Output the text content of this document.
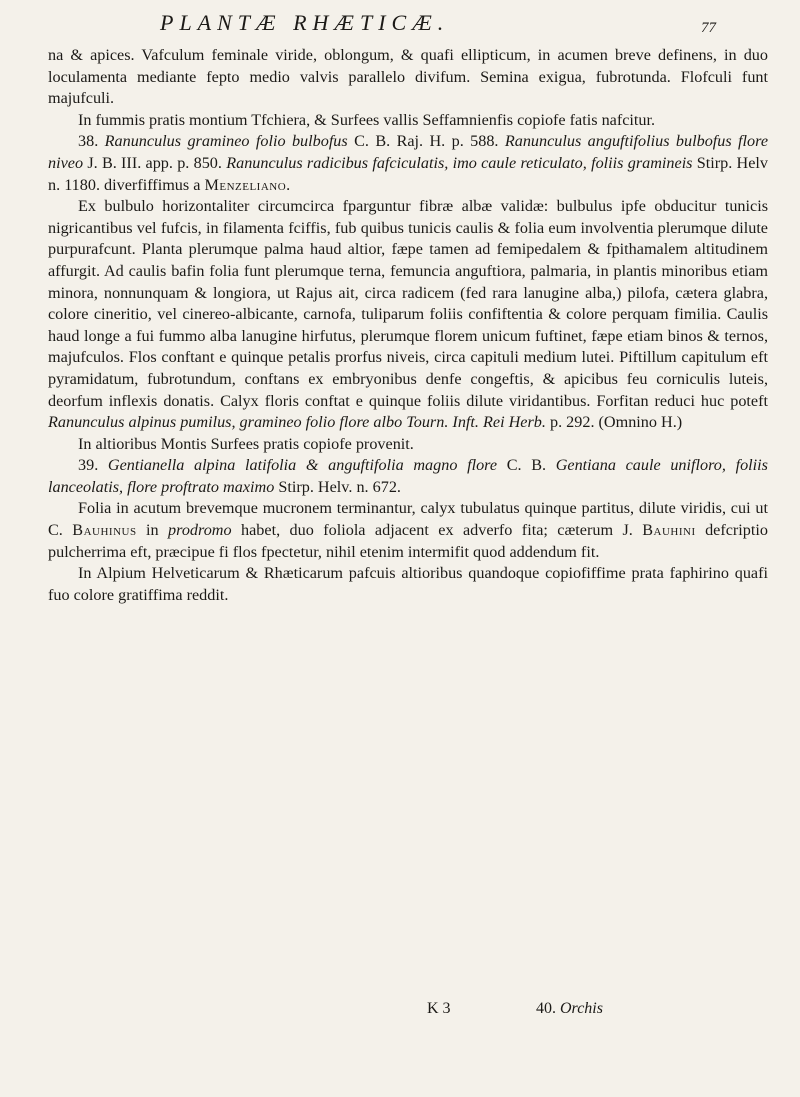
PLANTÆ RHÆTICÆ.	77

na & apices. Vafculum feminale viride, oblongum, & quafi ellipticum, in acumen breve definens, in duo loculamenta mediante fepto medio valvis parallelo divifum. Semina exigua, fubrotunda. Flofculi funt majufculi.

In fummis pratis montium Tfchiera, & Surfees vallis Seffamnienfis copiofe fatis nafcitur.

38. Ranunculus gramineo folio bulbofus C. B. Raj. H. p. 588. Ranunculus anguftifolius bulbofus flore niveo J. B. III. app. p. 850. Ranunculus radicibus fafciculatis, imo caule reticulato, foliis gramineis Stirp. Helv n. 1180. diverfiffimus a Menzeliano.

Ex bulbulo horizontaliter circumcirca fparguntur fibræ albæ validæ: bulbulus ipfe obducitur tunicis nigricantibus vel fufcis, in filamenta fciffis, fub quibus tunicis caulis & folia eum involventia plerumque dilute purpurafcunt. Planta plerumque palma haud altior, fæpe tamen ad femipedalem & fpithamalem altitudinem affurgit. Ad caulis bafin folia funt plerumque terna, femuncia anguftiora, palmaria, in plantis minoribus etiam minora, nonnunquam & longiora, ut Rajus ait, circa radicem (fed rara lanugine alba,) pilofa, cætera glabra, colore cineritio, vel cinereo-albicante, carnofa, tuliparum foliis confiftentia & colore perquam fimilia. Caulis haud longe a fui fummo alba lanugine hirfutus, plerumque florem unicum fuftinet, fæpe etiam binos & ternos, majufculos. Flos conftant e quinque petalis prorfus niveis, circa capituli medium lutei. Piftillum capitulum eft pyramidatum, fubrotundum, conftans ex embryonibus denfe congeftis, & apicibus feu corniculis luteis, deorfum inflexis donatis. Calyx floris conftat e quinque foliis dilute viridantibus. Forfitan reduci huc poteft Ranunculus alpinus pumilus, gramineo folio flore albo Tourn. Inft. Rei Herb. p. 292. (Omnino H.)

In altioribus Montis Surfees pratis copiofe provenit.

39. Gentianella alpina latifolia & anguftifolia magno flore C. B. Gentiana caule unifloro, foliis lanceolatis, flore proftrato maximo Stirp. Helv. n. 672.

Folia in acutum brevemque mucronem terminantur, calyx tubulatus quinque partitus, dilute viridis, cui ut C. Bauhinus in prodromo habet, duo foliola adjacent ex adverfo fita; cæterum J. Bauhini defcriptio pulcherrima eft, præcipue fi flos fpectetur, nihil etenim intermifit quod addendum fit.

In Alpium Helveticarum & Rhæticarum pafcuis altioribus quandoque copiofiffime prata faphirino quafi fuo colore gratiffima reddit.

K 3	40. Orchis
